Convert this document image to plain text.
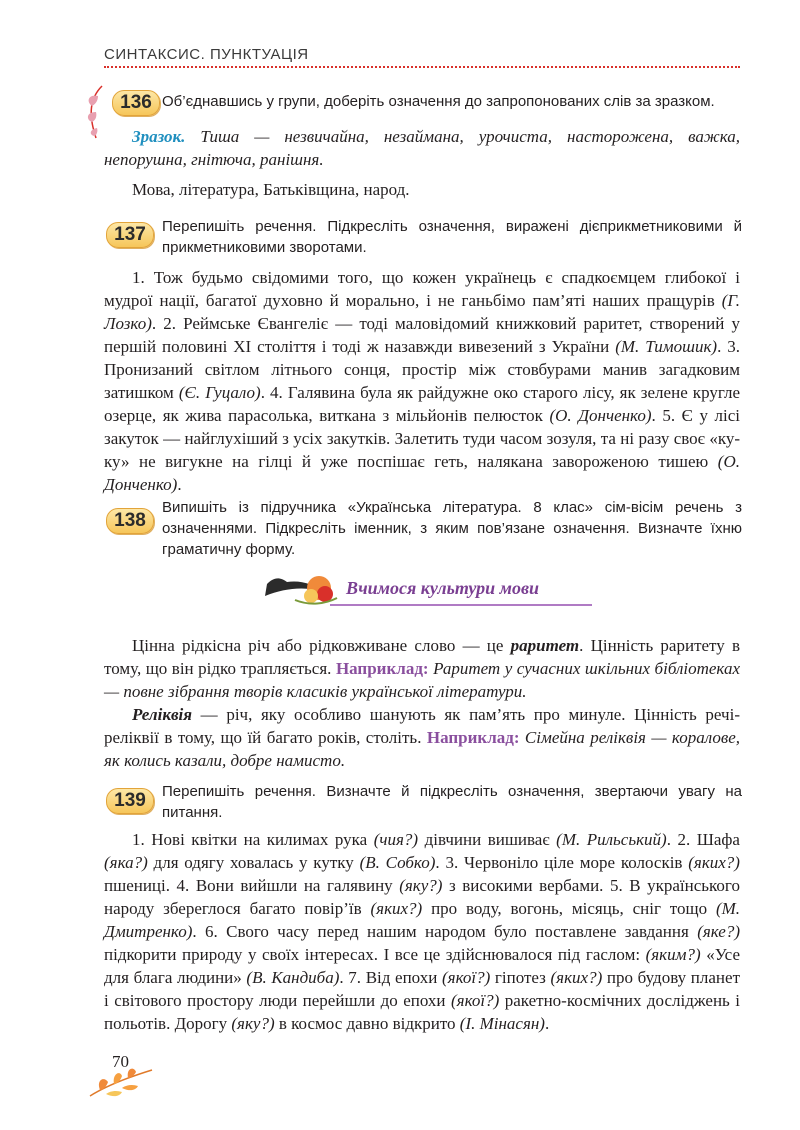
СИНТАКСИС. ПУНКТУАЦІЯ
136 Об’єднавшись у групи, доберіть означення до запропонованих слів за зразком.

Зразок. Тиша — незвичайна, незаймана, урочиста, насторожена, важка, непорушна, гнітюча, ранішня.

Мова, література, Батьківщина, народ.

137	Перепишіть речення. Підкресліть означення, виражені дієприкметниковими й прикметниковими зворотами.

1. Тож будьмо свідомими того, що кожен українець є спадкоємцем глибокої і мудрої нації, багатої духовно й морально, і не ганьбімо пам’яті наших пращурів (Г. Лозко). 2. Реймське Євангеліє — тоді маловідомий книжковий раритет, створений у першій половині XI століття і тоді ж назавжди вивезений з України (М. Тимошик). 3. Пронизаний світлом літнього сонця, простір між стовбурами манив загадковим затишком (Є. Гуцало). 4. Галявина була як райдужне око старого лісу, як зелене кругле озерце, як жива парасолька, виткана з мільйонів пелюсток (О. Донченко). 5. Є у лісі закуток — найглухіший з усіх закутків. Залетить туди часом зозуля, та ні разу своє «ку-ку» не вигукне на гілці й уже поспішає геть, налякана завороженою тишею (О. Донченко).

138
Випишіть із підручника «Українська література. 8 клас» сім-вісім речень з означеннями. Підкресліть іменник, з яким пов’язане означення. Визначте їхню граматичну форму.
Вчимося культури мови

Цінна рідкісна річ або рідковживане слово — це раритет. Цінність раритету в тому, що він рідко трапляється. Наприклад: Раритет у сучасних шкільних бібліотеках — повне зібрання творів класиків української літератури.

Реліквія — річ, яку особливо шанують як пам’ять про минуле. Цінність речі-реліквії в тому, що їй багато років, століть. Наприклад: Сімейна реліквія — коралове, як колись казали, добре намисто.

139	Перепишіть речення. Визначте й підкресліть означення, звертаючи увагу на питання.

1. Нові квітки на килимах рука (чия?) дівчини вишиває (М. Рильський). 2. Шафа (яка?) для одягу ховалась у кутку (В. Собко). 3. Червоніло ціле море колосків (яких?) пшениці. 4. Вони вийшли на галявину (яку?) з високими вербами. 5. В українського народу збереглося багато повір’їв (яких?) про воду, вогонь, місяць, сніг тощо (М. Дмитренко). 6. Свого часу перед нашим народом було поставлене завдання (яке?) підкорити природу у своїх інтересах. І все це здійснювалося під гаслом: (яким?) «Усе для блага людини» (В. Кандиба). 7. Від епохи (якої?) гіпотез (яких?) про будову планет і світового простору люди перейшли до епохи (якої?) ракетно-космічних досліджень і польотів. Дорогу (яку?) в космос давно відкрито (І. Мінасян).

70
